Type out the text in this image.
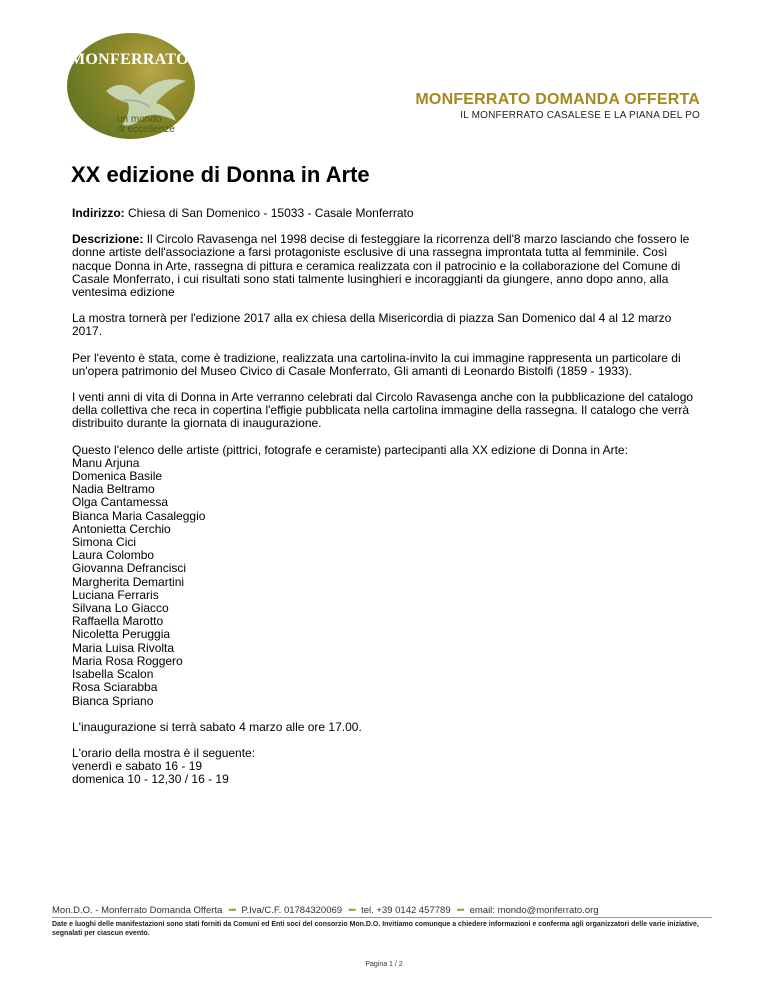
MONFERRATO
un mondo
di eccellenze
MONFERRATO DOMANDA OFFERTA
IL MONFERRATO CASALESE E LA PIANA DEL PO
XX edizione di Donna in Arte

Indirizzo: Chiesa di San Domenico - 15033 - Casale Monferrato

Descrizione: Il Circolo Ravasenga nel 1998 decise di festeggiare la ricorrenza dell'8 marzo lasciando che fossero le donne artiste dell'associazione a farsi protagoniste esclusive di una rassegna improntata tutta al femminile. Così nacque Donna in Arte, rassegna di pittura e ceramica realizzata con il patrocinio e la collaborazione del Comune di Casale Monferrato, i cui risultati sono stati talmente lusinghieri e incoraggianti da giungere, anno dopo anno, alla ventesima edizione

La mostra tornerà per l'edizione 2017 alla ex chiesa della Misericordia di piazza San Domenico dal 4 al 12 marzo 2017.

Per l'evento è stata, come è tradizione, realizzata una cartolina-invito la cui immagine rappresenta un particolare di un'opera patrimonio del Museo Civico di Casale Monferrato, Gli amanti di Leonardo Bistolfi (1859 - 1933).

I venti anni di vita di Donna in Arte verranno celebrati dal Circolo Ravasenga anche con la pubblicazione del catalogo della collettiva che reca in copertina l'effigie pubblicata nella cartolina immagine della rassegna. Il catalogo che verrà distribuito durante la giornata di inaugurazione.

Questo l'elenco delle artiste (pittrici, fotografe e ceramiste) partecipanti alla XX edizione di Donna in Arte:
Manu Arjuna
Domenica Basile
Nadia Beltramo
Olga Cantamessa
Bianca Maria Casaleggio
Antonietta Cerchio
Simona Cici
Laura Colombo
Giovanna Defrancisci
Margherita Demartini
Luciana Ferraris
Silvana Lo Giacco
Raffaella Marotto
Nicoletta Peruggia
Maria Luisa Rivolta
Maria Rosa Roggero
Isabella Scalon
Rosa Sciarabba
Bianca Spriano

L'inaugurazione si terrà sabato 4 marzo alle ore 17.00.

L'orario della mostra è il seguente:
venerdì e sabato 16 - 19
domenica 10 - 12,30 / 16 - 19
Mon.D.O. - Monferrato Domanda Offerta ••• P.Iva/C.F. 01784320069 ••• tel. +39 0142 457789 ••• email: mondo@monferrato.org
Date e luoghi delle manifestazioni sono stati forniti da Comuni ed Enti soci del consorzio Mon.D.O. Invitiamo comunque a chiedere informazioni e conferma agli organizzatori delle varie iniziative, segnalati per ciascun evento.
Pagina 1 / 2
